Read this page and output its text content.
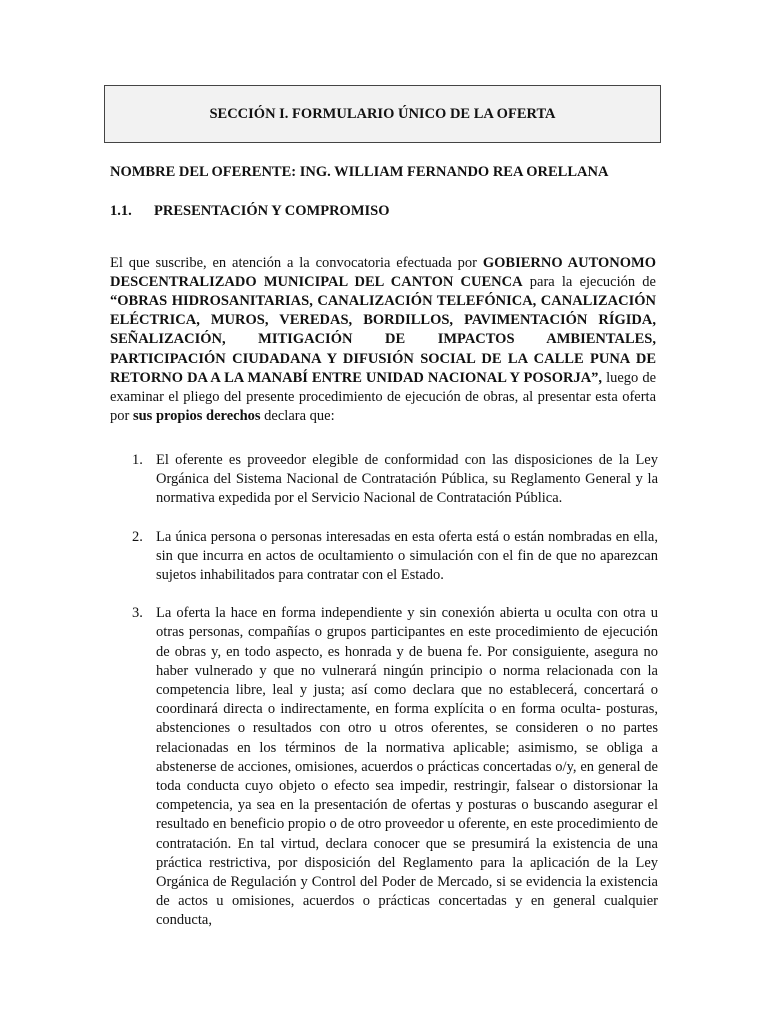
SECCIÓN I. FORMULARIO ÚNICO DE LA OFERTA
NOMBRE DEL OFERENTE: ING. WILLIAM FERNANDO REA ORELLANA
1.1. PRESENTACIÓN Y COMPROMISO

El que suscribe, en atención a la convocatoria efectuada por GOBIERNO AUTONOMO DESCENTRALIZADO MUNICIPAL DEL CANTON CUENCA para la ejecución de “OBRAS HIDROSANITARIAS, CANALIZACIÓN TELEFÓNICA, CANALIZACIÓN ELÉCTRICA, MUROS, VEREDAS, BORDILLOS, PAVIMENTACIÓN RÍGIDA, SEÑALIZACIÓN, MITIGACIÓN DE IMPACTOS AMBIENTALES, PARTICIPACIÓN CIUDADANA Y DIFUSIÓN SOCIAL DE LA CALLE PUNA DE RETORNO DA A LA MANABÍ ENTRE UNIDAD NACIONAL Y POSORJA”, luego de examinar el pliego del presente procedimiento de ejecución de obras, al presentar esta oferta por sus propios derechos declara que:

1. El oferente es proveedor elegible de conformidad con las disposiciones de la Ley Orgánica del Sistema Nacional de Contratación Pública, su Reglamento General y la normativa expedida por el Servicio Nacional de Contratación Pública.
2. La única persona o personas interesadas en esta oferta está o están nombradas en ella, sin que incurra en actos de ocultamiento o simulación con el fin de que no aparezcan sujetos inhabilitados para contratar con el Estado.
3. La oferta la hace en forma independiente y sin conexión abierta u oculta con otra u otras personas, compañías o grupos participantes en este procedimiento de ejecución de obras y, en todo aspecto, es honrada y de buena fe. Por consiguiente, asegura no haber vulnerado y que no vulnerará ningún principio o norma relacionada con la competencia libre, leal y justa; así como declara que no establecerá, concertará o coordinará directa o indirectamente, en forma explícita o en forma oculta- posturas, abstenciones o resultados con otro u otros oferentes, se consideren o no partes relacionadas en los términos de la normativa aplicable; asimismo, se obliga a abstenerse de acciones, omisiones, acuerdos o prácticas concertadas o/y, en general de toda conducta cuyo objeto o efecto sea impedir, restringir, falsear o distorsionar la competencia, ya sea en la presentación de ofertas y posturas o buscando asegurar el resultado en beneficio propio o de otro proveedor u oferente, en este procedimiento de contratación. En tal virtud, declara conocer que se presumirá la existencia de una práctica restrictiva, por disposición del Reglamento para la aplicación de la Ley Orgánica de Regulación y Control del Poder de Mercado, si se evidencia la existencia de actos u omisiones, acuerdos o prácticas concertadas y en general cualquier conducta,
